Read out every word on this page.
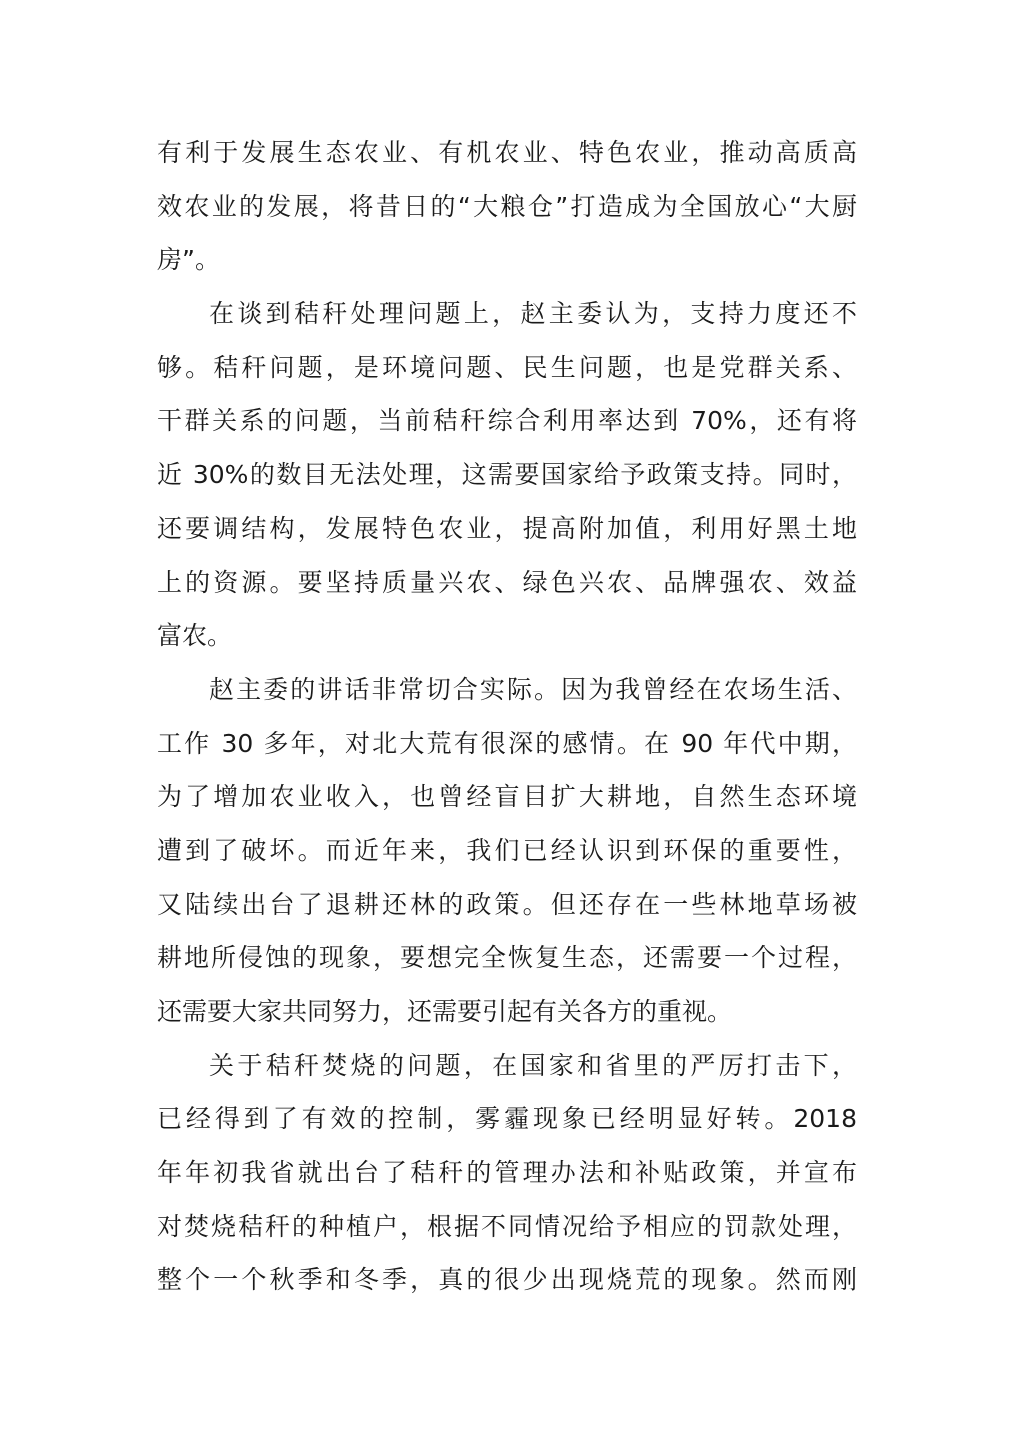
有利于发展生态农业、有机农业、特色农业，推动高质高
效农业的发展，将昔日的“大粮仓”打造成为全国放心“大厨
房”。
在谈到秸秆处理问题上，赵主委认为，支持力度还不
够。秸秆问题，是环境问题、民生问题，也是党群关系、
干群关系的问题，当前秸秆综合利用率达到 70%，还有将
近 30%的数目无法处理，这需要国家给予政策支持。同时，
还要调结构，发展特色农业，提高附加值，利用好黑土地
上的资源。要坚持质量兴农、绿色兴农、品牌强农、效益
富农。
赵主委的讲话非常切合实际。因为我曾经在农场生活、
工作 30 多年，对北大荒有很深的感情。在 90 年代中期，
为了增加农业收入，也曾经盲目扩大耕地，自然生态环境
遭到了破坏。而近年来，我们已经认识到环保的重要性，
又陆续出台了退耕还林的政策。但还存在一些林地草场被
耕地所侵蚀的现象，要想完全恢复生态，还需要一个过程，
还需要大家共同努力，还需要引起有关各方的重视。
关于秸秆焚烧的问题，在国家和省里的严厉打击下，
已经得到了有效的控制，雾霾现象已经明显好转。2018
年年初我省就出台了秸秆的管理办法和补贴政策，并宣布
对焚烧秸秆的种植户，根据不同情况给予相应的罚款处理，
整个一个秋季和冬季，真的很少出现烧荒的现象。然而刚
